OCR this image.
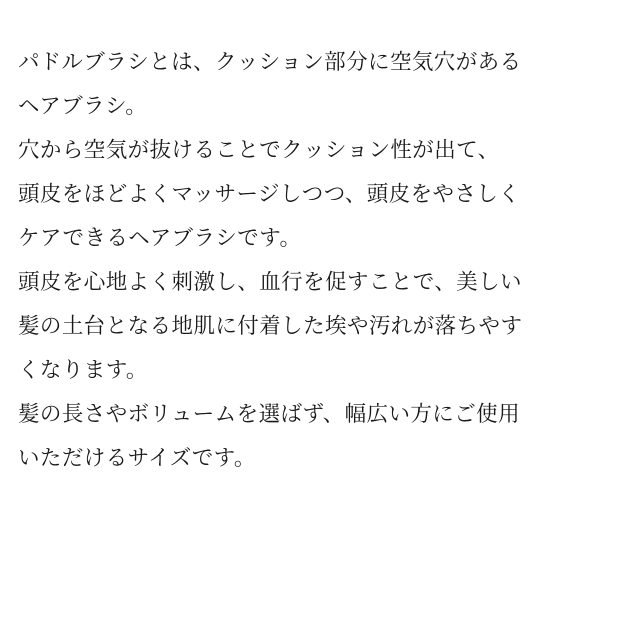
パドルブラシとは、クッション部分に空気穴がある
ヘアブラシ。

穴から空気が抜けることでクッション性が出て、
頭皮をほどよくマッサージしつつ、頭皮をやさしく
ケアできるヘアブラシです。

頭皮を心地よく刺激し、血行を促すことで、美しい
髪の土台となる地肌に付着した埃や汚れが落ちやす
くなります。

髪の長さやボリュームを選ばず、幅広い方にご使用
いただけるサイズです。
